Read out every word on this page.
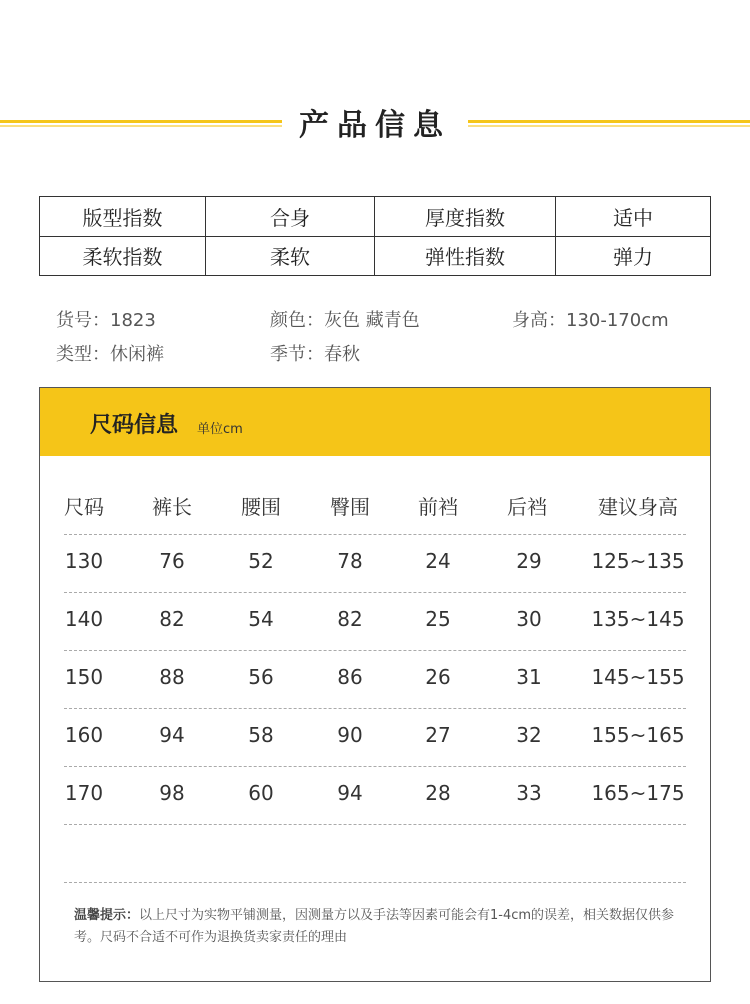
产品信息
版型指数	合身	厚度指数	适中
柔软指数	柔软	弹性指数	弹力
货号：1823	颜色：灰色 藏青色	身高：130-170cm
类型：休闲裤	季节：春秋
尺码信息 单位cm
尺码 裤长 腰围 臀围 前裆 后裆	建议身高
130	76	52	78	24	29 125~135
140	82	54	82	25	30 135~145
150	88	56	86	26	31 145~155
160	94	58	90	27	32 155~165
170	98	60	94	28	33 165~175
温馨提示：以上尺寸为实物平铺测量，因测量方以及手法等因素可能会有1-4cm的误差，相关数据仅供参考。尺码不合适不可作为退换货卖家责任的理由
